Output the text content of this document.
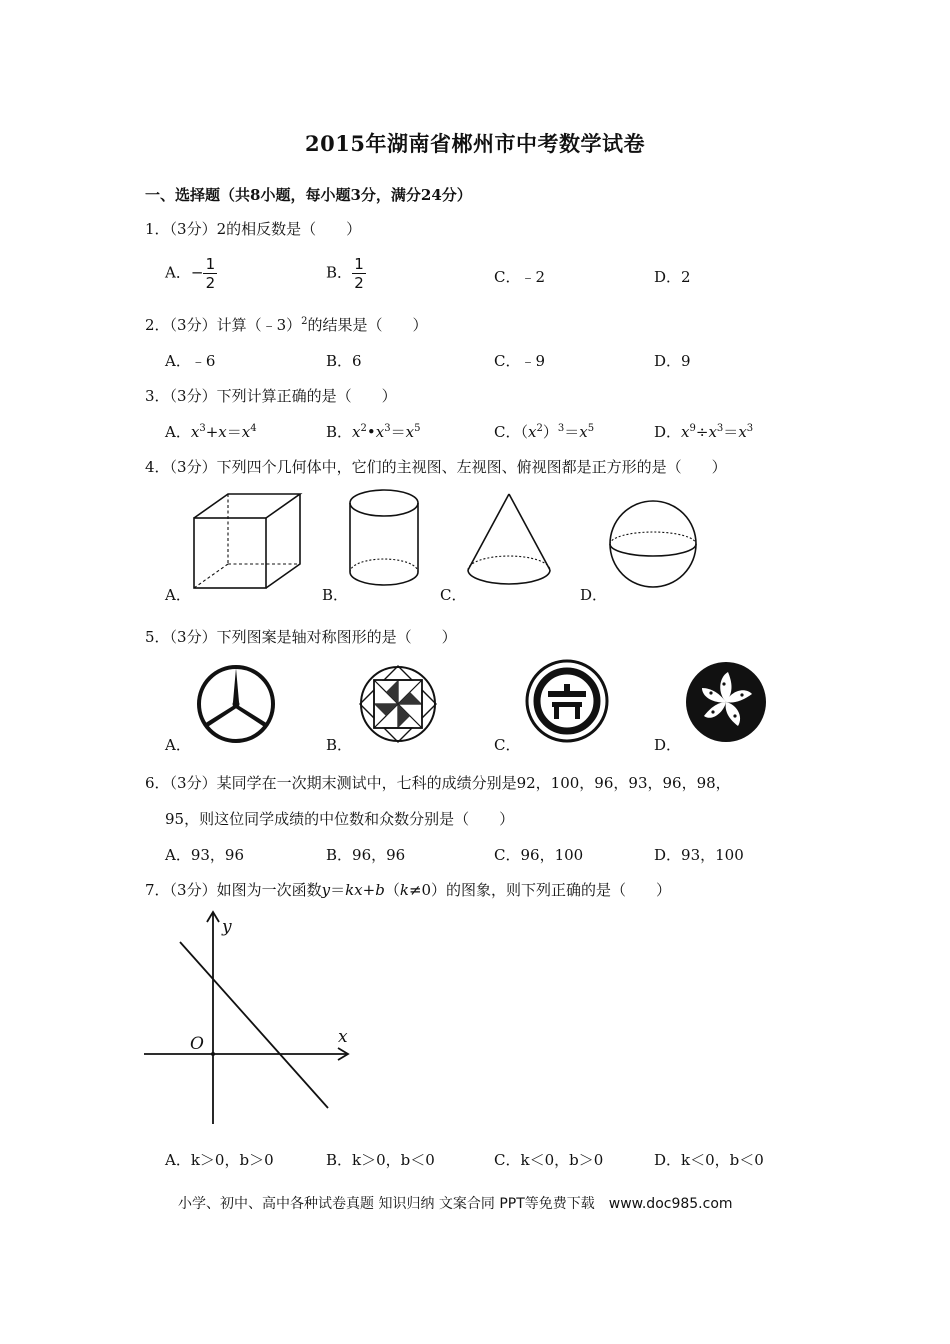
2015年湖南省郴州市中考数学试卷
一、选择题（共8小题，每小题3分，满分24分）
1．（3分）2的相反数是（　　）
A．− $\frac{1}{2}$	B． $\frac{1}{2}$	C．﹣2	D．2
2．（3分）计算（﹣3）$^2$的结果是（　　）
A．﹣6	B．6	C．﹣9	D．9
3．（3分）下列计算正确的是（　　）
A．$x^3+x=x^4$	B．$x^2•x^3=x^5$	C．$(x^2)^3=x^5$	D．$x^9\div x^3=x^3$
4．（3分）下列四个几何体中，它们的主视图、左视图、俯视图都是正方形的是（　　）
A．	B．	C．	D．
5．（3分）下列图案是轴对称图形的是（　　）
A．	B．	C．	D．
6．（3分）某同学在一次期末测试中，七科的成绩分别是92，100，96，93，96，98，
95，则这位同学成绩的中位数和众数分别是（　　）
A．93，96	B．96，96	C．96，100	D．93，100
7．（3分）如图为一次函数y＝kx+b（k≠0）的图象，则下列正确的是（　　）
y
x
O
A．k＞0，b＞0	B．k＞0，b＜0	C．k＜0，b＞0	D．k＜0，b＜0
小学、初中、高中各种试卷真题 知识归纳 文案合同 PPT等免费下载　www.doc985.com
